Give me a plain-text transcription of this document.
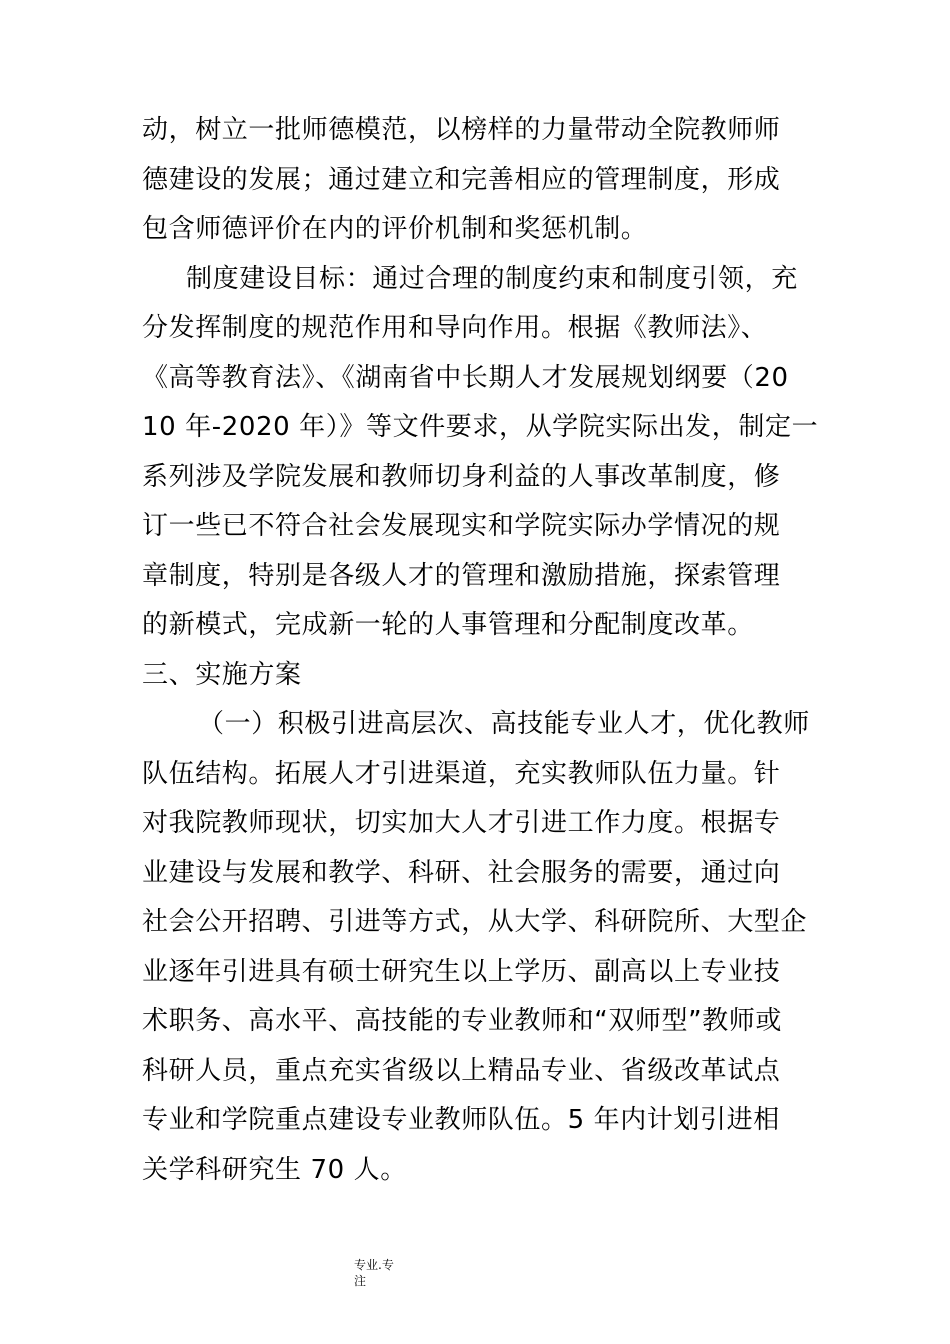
动，树立一批师德模范，以榜样的力量带动全院教师师
德建设的发展；通过建立和完善相应的管理制度，形成
包含师德评价在内的评价机制和奖惩机制。
制度建设目标：通过合理的制度约束和制度引领，充
分发挥制度的规范作用和导向作用。根据《教师法》、
《高等教育法》、《湖南省中长期人才发展规划纲要（20
10 年-2020 年）》等文件要求，从学院实际出发，制定一
系列涉及学院发展和教师切身利益的人事改革制度，修
订一些已不符合社会发展现实和学院实际办学情况的规
章制度，特别是各级人才的管理和激励措施，探索管理
的新模式，完成新一轮的人事管理和分配制度改革。
三、实施方案
（一）积极引进高层次、高技能专业人才，优化教师
队伍结构。拓展人才引进渠道，充实教师队伍力量。针
对我院教师现状，切实加大人才引进工作力度。根据专
业建设与发展和教学、科研、社会服务的需要，通过向
社会公开招聘、引进等方式，从大学、科研院所、大型企
业逐年引进具有硕士研究生以上学历、副高以上专业技
术职务、高水平、高技能的专业教师和“双师型”教师或
科研人员，重点充实省级以上精品专业、省级改革试点
专业和学院重点建设专业教师队伍。5 年内计划引进相
关学科研究生 70 人。
专业.专
注
